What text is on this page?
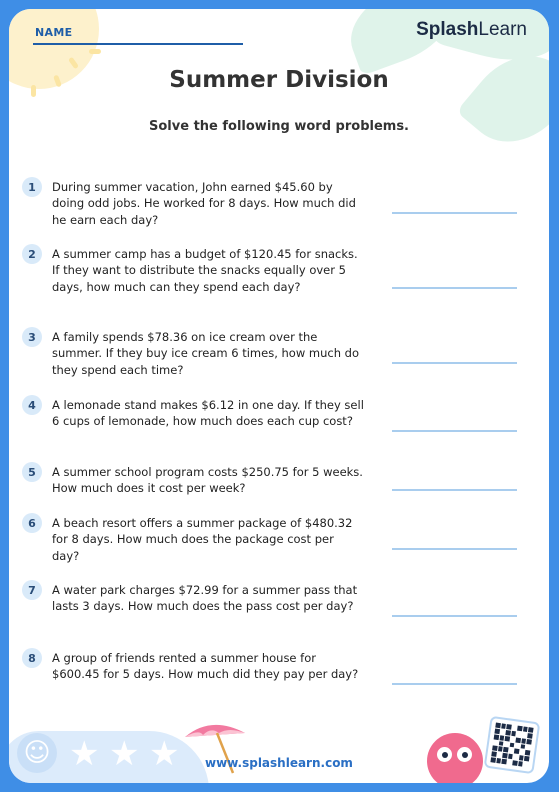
NAME	SplashLearn
Summer Division
Solve the following word problems.
1	During summer vacation, John earned $45.60 by doing odd jobs. He worked for 8 days. How much did he earn each day?
2	A summer camp has a budget of $120.45 for snacks. If they want to distribute the snacks equally over 5 days, how much can they spend each day?
3	A family spends $78.36 on ice cream over the summer. If they buy ice cream 6 times, how much do they spend each time?
4	A lemonade stand makes $6.12 in one day. If they sell 6 cups of lemonade, how much does each cup cost?
5	A summer school program costs $250.75 for 5 weeks. How much does it cost per week?
6	A beach resort offers a summer package of $480.32 for 8 days. How much does the package cost per day?
7	A water park charges $72.99 for a summer pass that lasts 3 days. How much does the pass cost per day?
8	A group of friends rented a summer house for $600.45 for 5 days. How much did they pay per day?
☺ ★ ★ ★	www.splashlearn.com
